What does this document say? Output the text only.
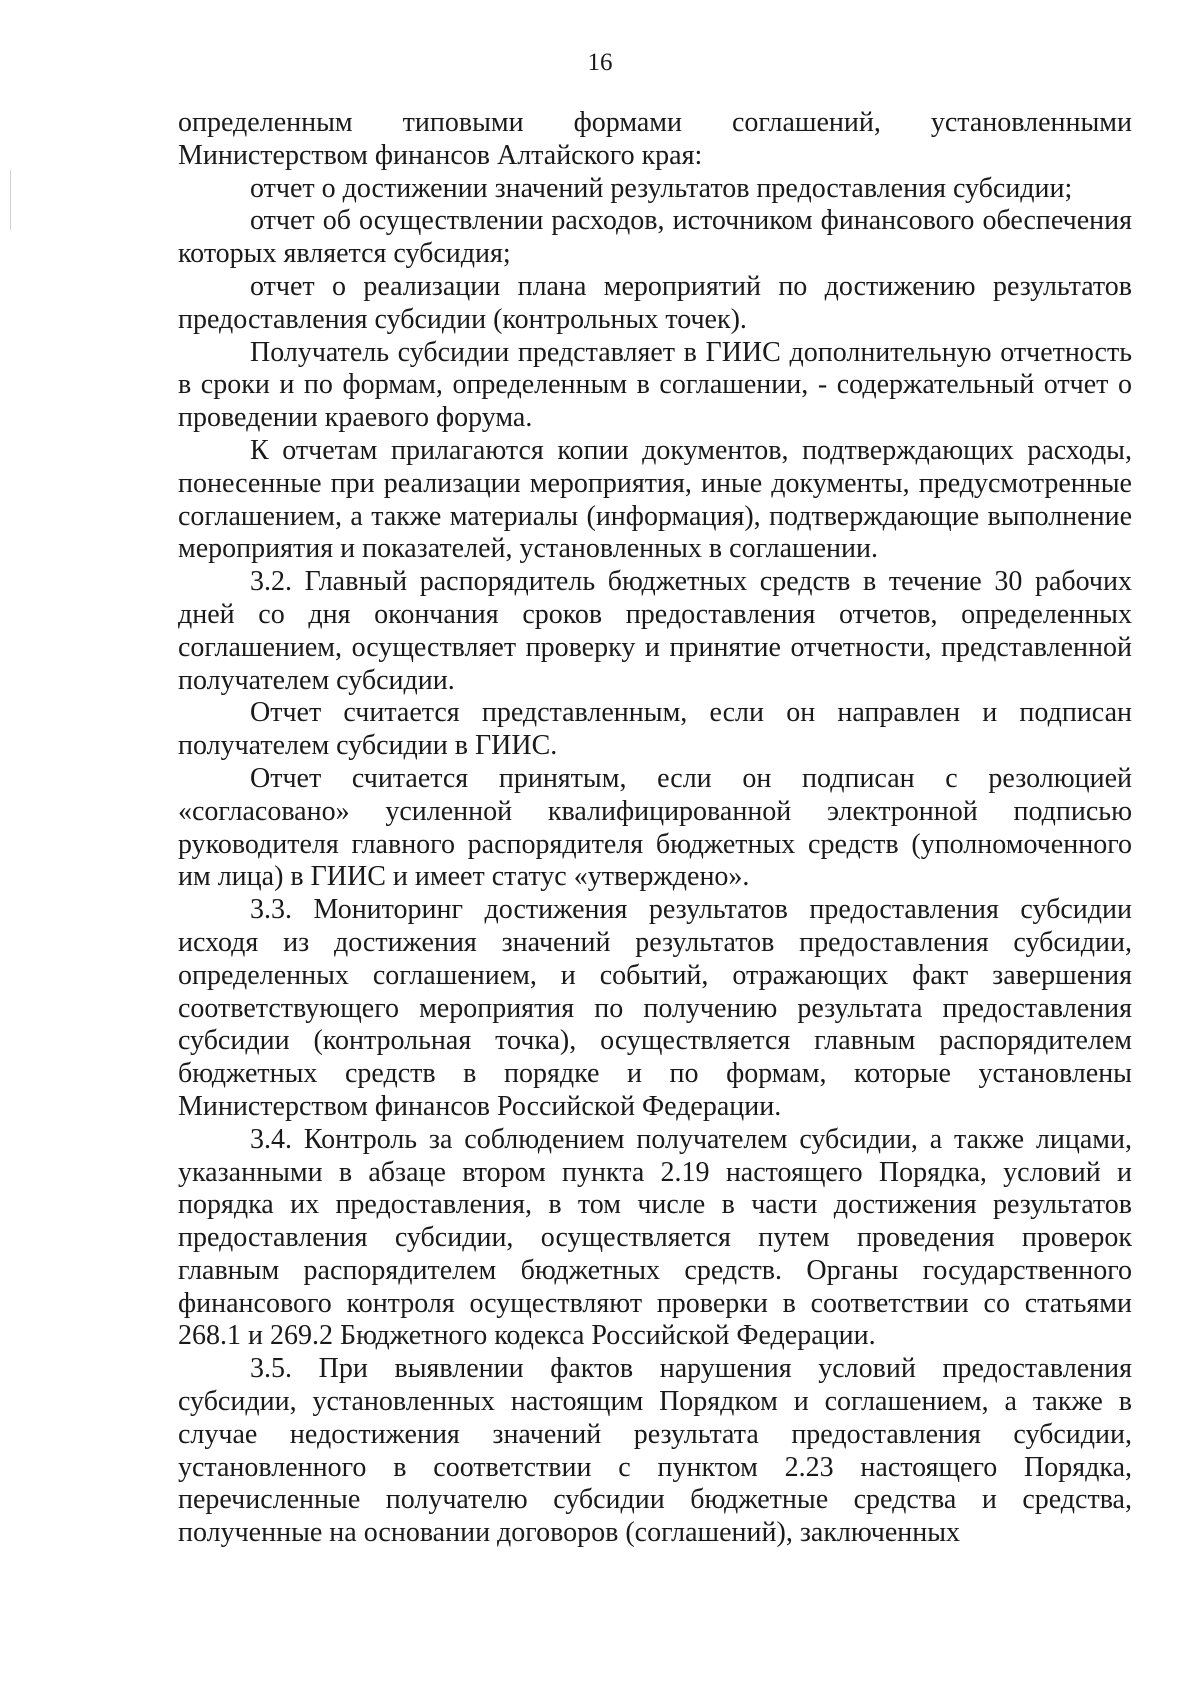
16

определенным типовыми формами соглашений, установленными Министерством финансов Алтайского края:

отчет о достижении значений результатов предоставления субсидии;

отчет об осуществлении расходов, источником финансового обеспечения которых является субсидия;

отчет о реализации плана мероприятий по достижению результатов предоставления субсидии (контрольных точек).

Получатель субсидии представляет в ГИИС дополнительную отчетность в сроки и по формам, определенным в соглашении, - содержательный отчет о проведении краевого форума.

К отчетам прилагаются копии документов, подтверждающих расходы, понесенные при реализации мероприятия, иные документы, предусмотренные соглашением, а также материалы (информация), подтверждающие выполнение мероприятия и показателей, установленных в соглашении.

3.2. Главный распорядитель бюджетных средств в течение 30 рабочих дней со дня окончания сроков предоставления отчетов, определенных соглашением, осуществляет проверку и принятие отчетности, представленной получателем субсидии.

Отчет считается представленным, если он направлен и подписан получателем субсидии в ГИИС.

Отчет считается принятым, если он подписан с резолюцией «согласовано» усиленной квалифицированной электронной подписью руководителя главного распорядителя бюджетных средств (уполномоченного им лица) в ГИИС и имеет статус «утверждено».

3.3. Мониторинг достижения результатов предоставления субсидии исходя из достижения значений результатов предоставления субсидии, определенных соглашением, и событий, отражающих факт завершения соответствующего мероприятия по получению результата предоставления субсидии (контрольная точка), осуществляется главным распорядителем бюджетных средств в порядке и по формам, которые установлены Министерством финансов Российской Федерации.

3.4. Контроль за соблюдением получателем субсидии, а также лицами, указанными в абзаце втором пункта 2.19 настоящего Порядка, условий и порядка их предоставления, в том числе в части достижения результатов предоставления субсидии, осуществляется путем проведения проверок главным распорядителем бюджетных средств. Органы государственного финансового контроля осуществляют проверки в соответствии со статьями 268.1 и 269.2 Бюджетного кодекса Российской Федерации.

3.5. При выявлении фактов нарушения условий предоставления субсидии, установленных настоящим Порядком и соглашением, а также в случае недостижения значений результата предоставления субсидии, установленного в соответствии с пунктом 2.23 настоящего Порядка, перечисленные получателю субсидии бюджетные средства и средства, полученные на основании договоров (соглашений), заключенных
